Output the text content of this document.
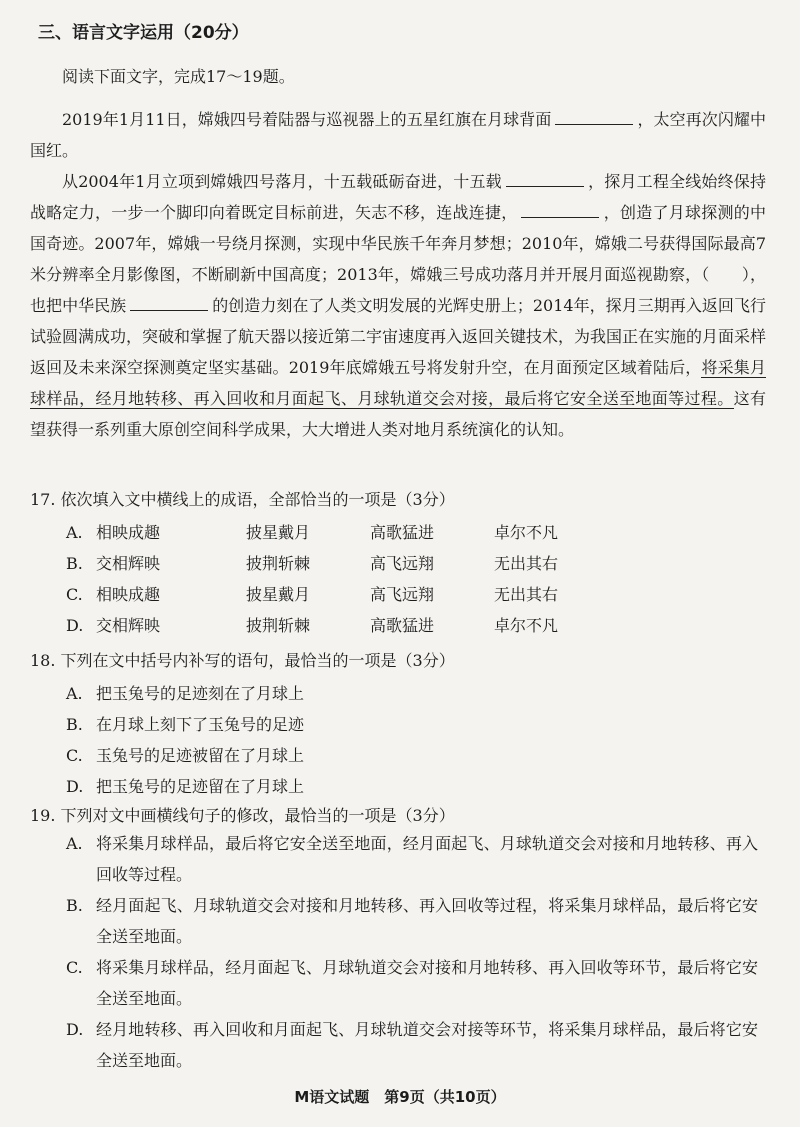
三、语言文字运用（20分）
阅读下面文字，完成17～19题。

2019年1月11日，嫦娥四号着陆器与巡视器上的五星红旗在月球背面	，太空再次闪耀中国红。

从2004年1月立项到嫦娥四号落月，十五载砥砺奋进，十五载	，探月工程全线始终保持战略定力，一步一个脚印向着既定目标前进，矢志不移，连战连捷，	，创造了月球探测的中国奇迹。2007年，嫦娥一号绕月探测，实现中华民族千年奔月梦想；2010年，嫦娥二号获得国际最高7米分辨率全月影像图，不断刷新中国高度；2013年，嫦娥三号成功落月并开展月面巡视勘察，（　　），也把中华民族	的创造力刻在了人类文明发展的光辉史册上；2014年，探月三期再入返回飞行试验圆满成功，突破和掌握了航天器以接近第二宇宙速度再入返回关键技术，为我国正在实施的月面采样返回及未来深空探测奠定坚实基础。2019年底嫦娥五号将发射升空，在月面预定区域着陆后，将采集月球样品，经月地转移、再入回收和月面起飞、月球轨道交会对接，最后将它安全送至地面等过程。这有望获得一系列重大原创空间科学成果，大大增进人类对地月系统演化的认知。

17. 依次填入文中横线上的成语，全部恰当的一项是（3分）
A. 相映成趣	披星戴月	高歌猛进	卓尔不凡
B. 交相辉映	披荆斩棘	高飞远翔	无出其右
C. 相映成趣	披星戴月	高飞远翔	无出其右
D. 交相辉映	披荆斩棘	高歌猛进	卓尔不凡
18. 下列在文中括号内补写的语句，最恰当的一项是（3分）
A. 把玉兔号的足迹刻在了月球上
B. 在月球上刻下了玉兔号的足迹
C. 玉兔号的足迹被留在了月球上
D. 把玉兔号的足迹留在了月球上
19. 下列对文中画横线句子的修改，最恰当的一项是（3分）
A. 将采集月球样品，最后将它安全送至地面，经月面起飞、月球轨道交会对接和月地转移、再入回收等过程。
B. 经月面起飞、月球轨道交会对接和月地转移、再入回收等过程，将采集月球样品，最后将它安全送至地面。
C. 将采集月球样品，经月面起飞、月球轨道交会对接和月地转移、再入回收等环节，最后将它安全送至地面。
D. 经月地转移、再入回收和月面起飞、月球轨道交会对接等环节，将采集月球样品，最后将它安全送至地面。
M语文试题　第9页（共10页）
